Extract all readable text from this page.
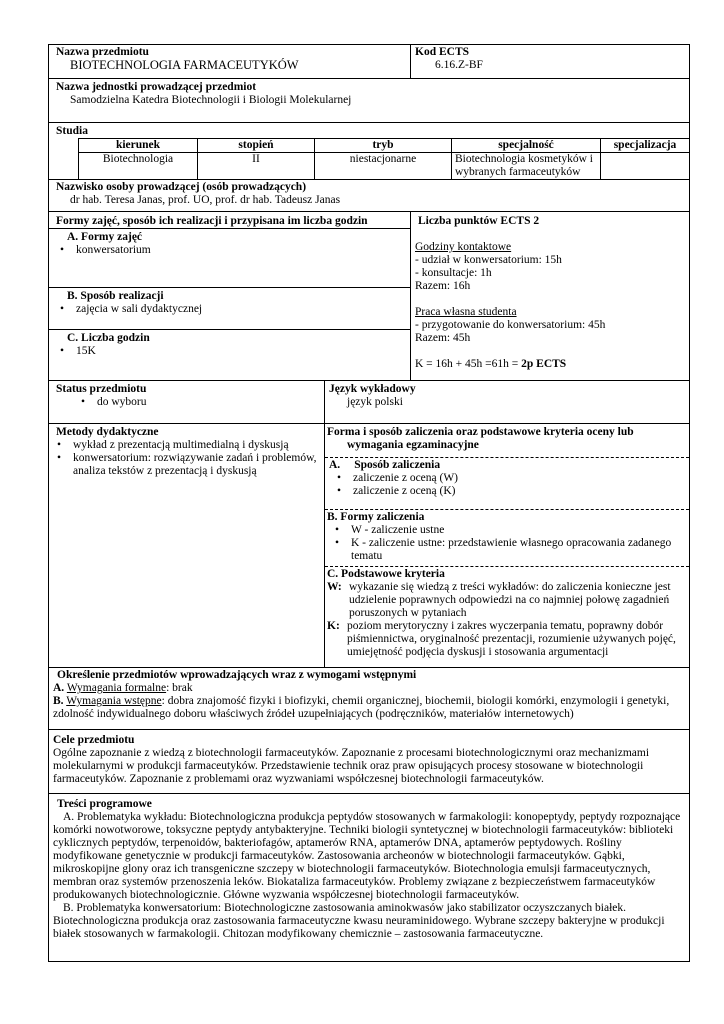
Nazwa przedmiotu
BIOTECHNOLOGIA FARMACEUTYKÓW
Kod ECTS
6.16.Z-BF
Nazwa jednostki prowadzącej przedmiot
Samodzielna Katedra Biotechnologii i Biologii Molekularnej
Studia
kierunek	stopień	tryb	specjalność	specjalizacja
Biotechnologia	II	niestacjonarne	Biotechnologia kosmetyków i wybranych farmaceutyków	
Nazwisko osoby prowadzącej (osób prowadzących)
dr hab. Teresa Janas, prof. UO, prof. dr hab. Tadeusz Janas
Formy zajęć, sposób ich realizacji i przypisana im liczba godzin
A. Formy zajęć
• konwersatorium
B. Sposób realizacji
• zajęcia w sali dydaktycznej
C. Liczba godzin
• 15K
Liczba punktów ECTS 2
Godziny kontaktowe
- udział w konwersatorium: 15h
- konsultacje: 1h
Razem: 16h
Praca własna studenta
- przygotowanie do konwersatorium: 45h
Razem: 45h
K = 16h + 45h =61h = 2p ECTS
Status przedmiotu
• do wyboru
Język wykładowy
język polski
Metody dydaktyczne
• wykład z prezentacją multimedialną i dyskusją
• konwersatorium: rozwiązywanie zadań i problemów, analiza tekstów z prezentacją i dyskusją
Forma i sposób zaliczenia oraz podstawowe kryteria oceny lub
wymagania egzaminacyjne
A. Sposób zaliczenia
• zaliczenie z oceną (W)
• zaliczenie z oceną (K)
B. Formy zaliczenia
• W - zaliczenie ustne
• K - zaliczenie ustne: przedstawienie własnego opracowania zadanego tematu
C. Podstawowe kryteria
W: wykazanie się wiedzą z treści wykładów: do zaliczenia konieczne jest udzielenie poprawnych odpowiedzi na co najmniej połowę zagadnień poruszonych w pytaniach
K: poziom merytoryczny i zakres wyczerpania tematu, poprawny dobór piśmiennictwa, oryginalność prezentacji, rozumienie używanych pojęć, umiejętność podjęcia dyskusji i stosowania argumentacji
Określenie przedmiotów wprowadzających wraz z wymogami wstępnymi
A. Wymagania formalne: brak
B. Wymagania wstępne: dobra znajomość fizyki i biofizyki, chemii organicznej, biochemii, biologii komórki, enzymologii i genetyki, zdolność indywidualnego doboru właściwych źródeł uzupełniających (podręczników, materiałów internetowych)
Cele przedmiotu

Ogólne zapoznanie z wiedzą z biotechnologii farmaceutyków. Zapoznanie z procesami biotechnologicznymi oraz mechanizmami molekularnymi w produkcji farmaceutyków. Przedstawienie technik oraz praw opisujących procesy stosowane w biotechnologii farmaceutyków. Zapoznanie z problemami oraz wyzwaniami współczesnej biotechnologii farmaceutyków.

Treści programowe

A. Problematyka wykładu: Biotechnologiczna produkcja peptydów stosowanych w farmakologii: konopeptydy, peptydy rozpoznające komórki nowotworowe, toksyczne peptydy antybakteryjne. Techniki biologii syntetycznej w biotechnologii farmaceutyków: biblioteki cyklicznych peptydów, terpenoidów, bakteriofagów, aptamerów RNA, aptamerów DNA, aptamerów peptydowych. Rośliny modyfikowane genetycznie w produkcji farmaceutyków. Zastosowania archeonów w biotechnologii farmaceutyków. Gąbki, mikroskopijne glony oraz ich transgeniczne szczepy w biotechnologii farmaceutyków. Biotechnologia emulsji farmaceutycznych, membran oraz systemów przenoszenia leków. Biokataliza farmaceutyków. Problemy związane z bezpieczeństwem farmaceutyków produkowanych biotechnologicznie. Główne wyzwania współczesnej biotechnologii farmaceutyków.

B. Problematyka konwersatorium: Biotechnologiczne zastosowania aminokwasów jako stabilizator oczyszczanych białek. Biotechnologiczna produkcja oraz zastosowania farmaceutyczne kwasu neuraminidowego. Wybrane szczepy bakteryjne w produkcji białek stosowanych w farmakologii. Chitozan modyfikowany chemicznie – zastosowania farmaceutyczne.
